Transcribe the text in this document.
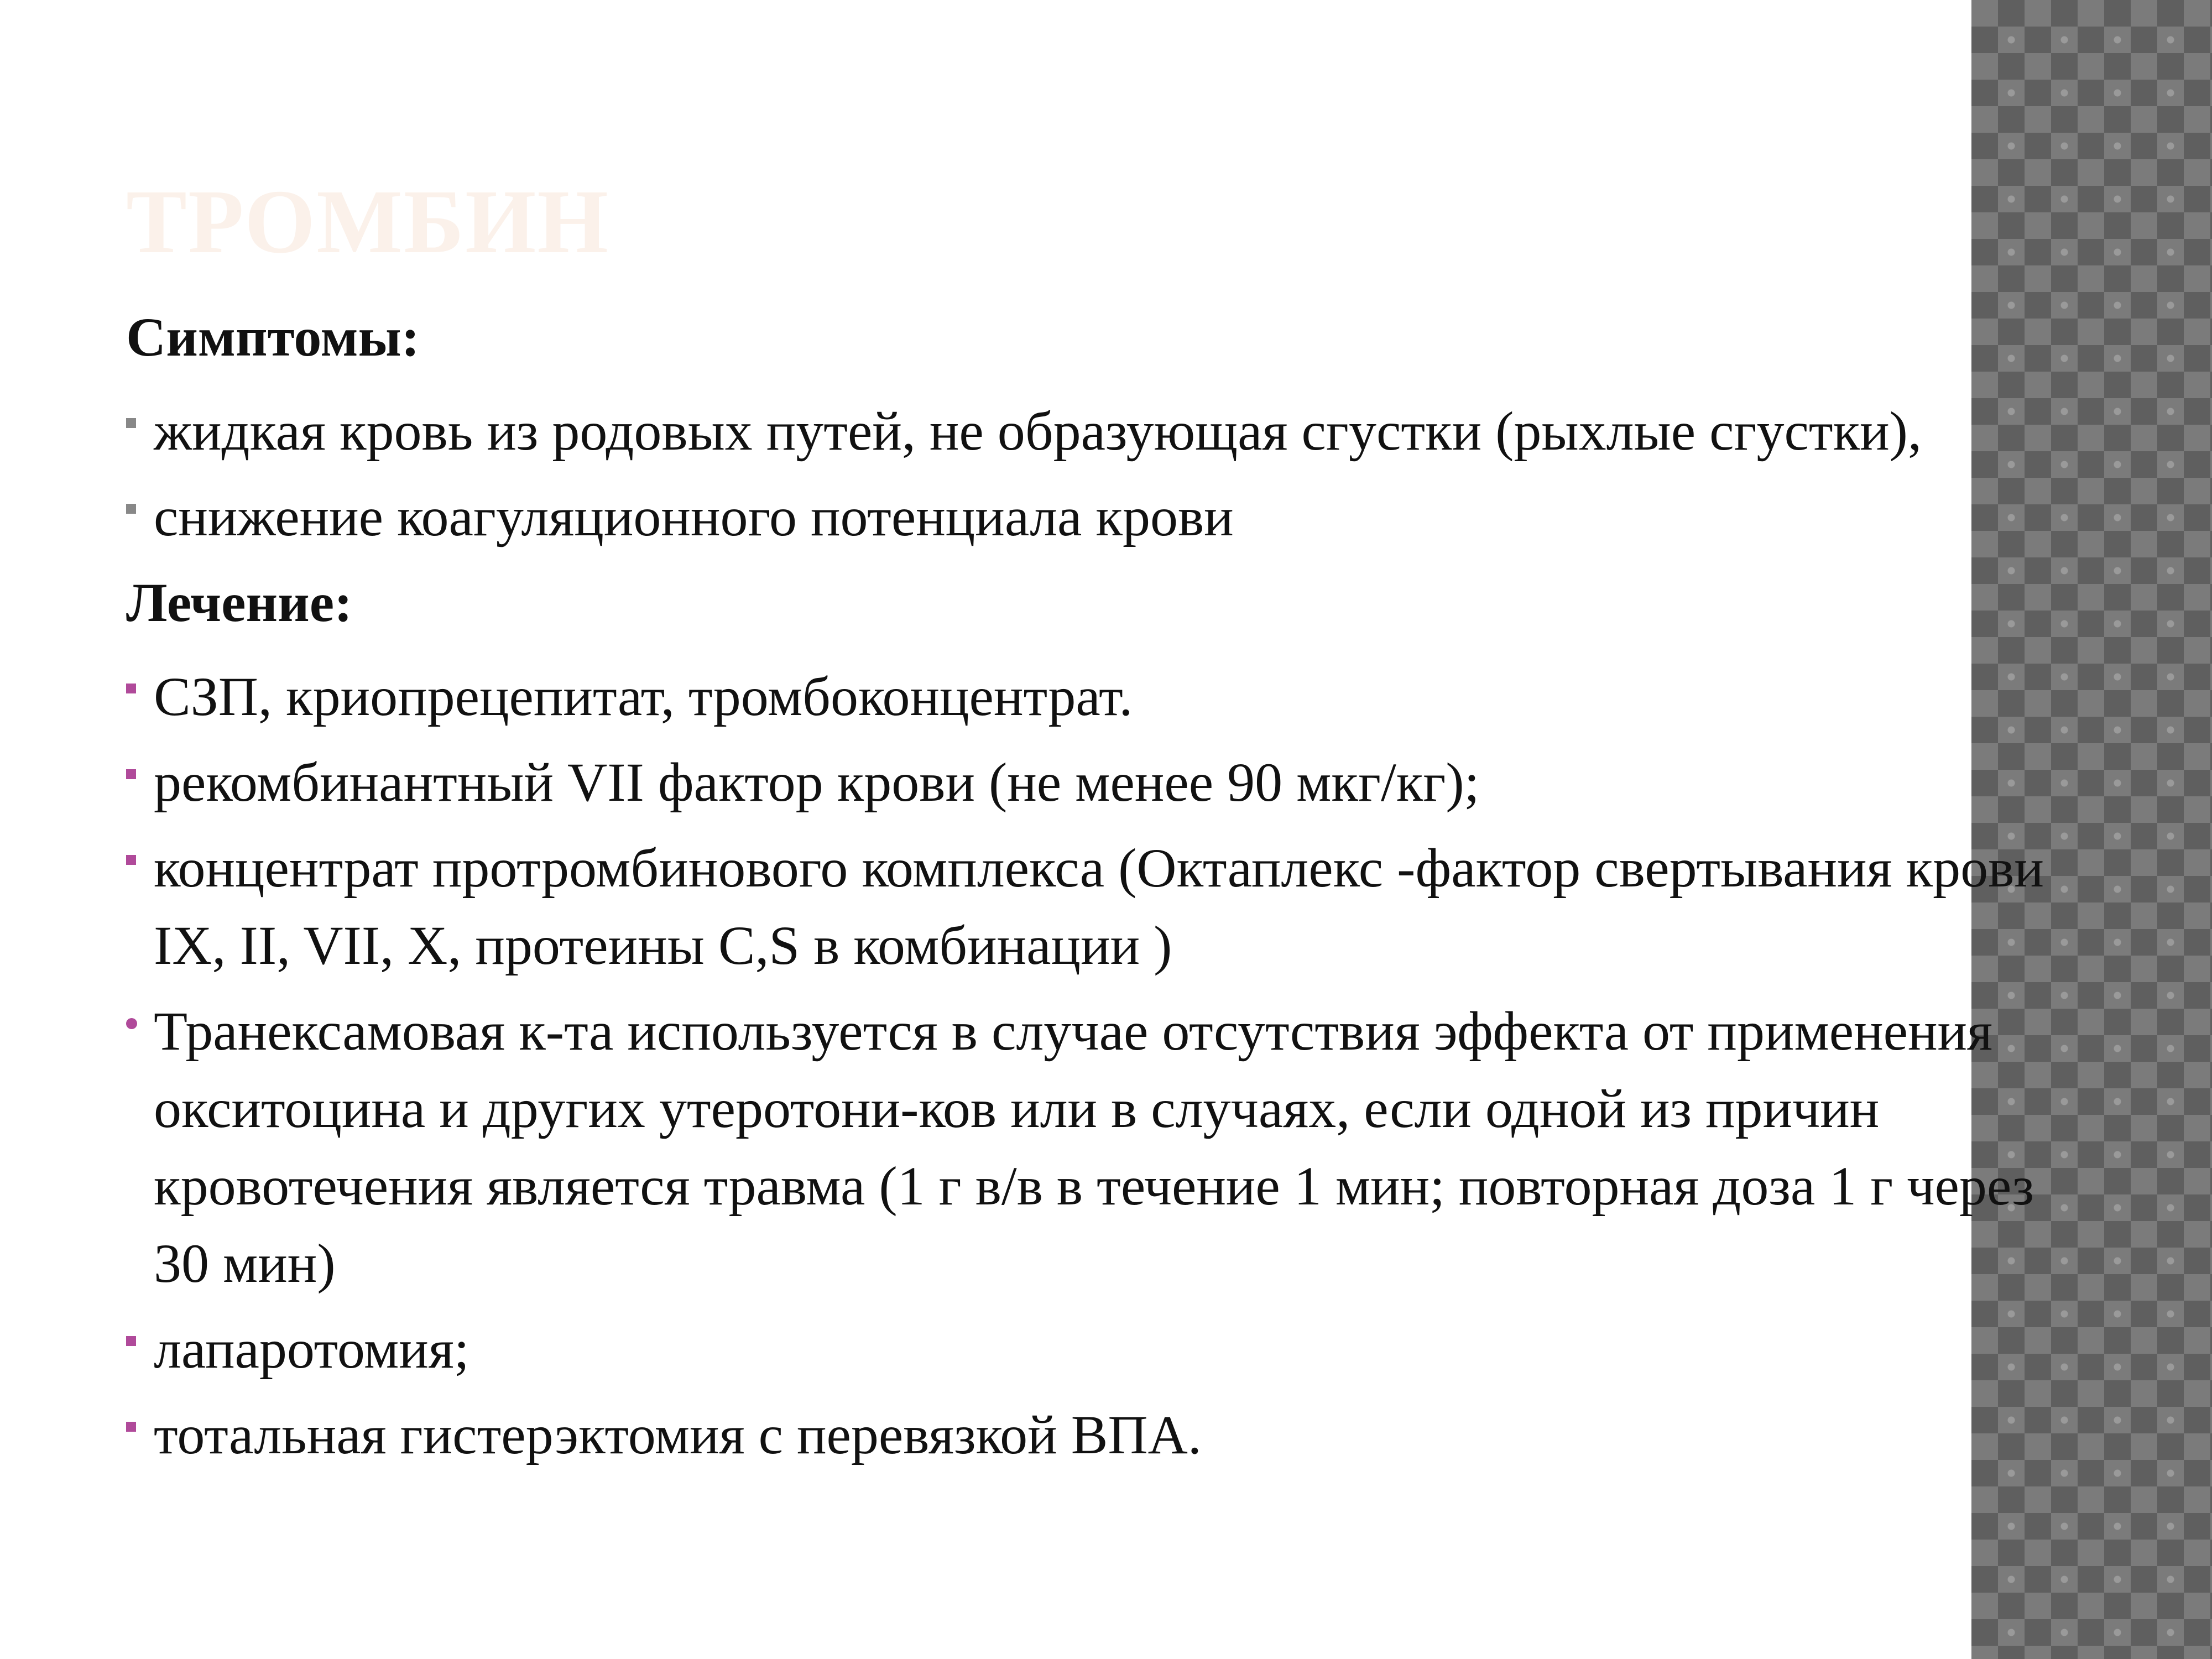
ТРОМБИН

Симптомы:

жидкая кровь из родовых путей, не образующая сгустки (рыхлые сгустки),
снижение коагуляционного потенциала крови

Лечение:

СЗП, криопрецепитат, тромбоконцентрат.
рекомбинантный VII фактор крови (не менее 90 мкг/кг);
концентрат протромбинового комплекса (Октаплекс -фактор свертывания крови IX, II, VII, X, протеины C,S в комбинации )
Транексамовая к-та используется в случае отсутствия эффекта от применения окситоцина и других утеротони-ков или в случаях, если одной из причин кровотечения является травма (1 г в/в в течение 1 мин; повторная доза 1 г через 30 мин)
лапаротомия;
тотальная гистерэктомия с перевязкой ВПА.
